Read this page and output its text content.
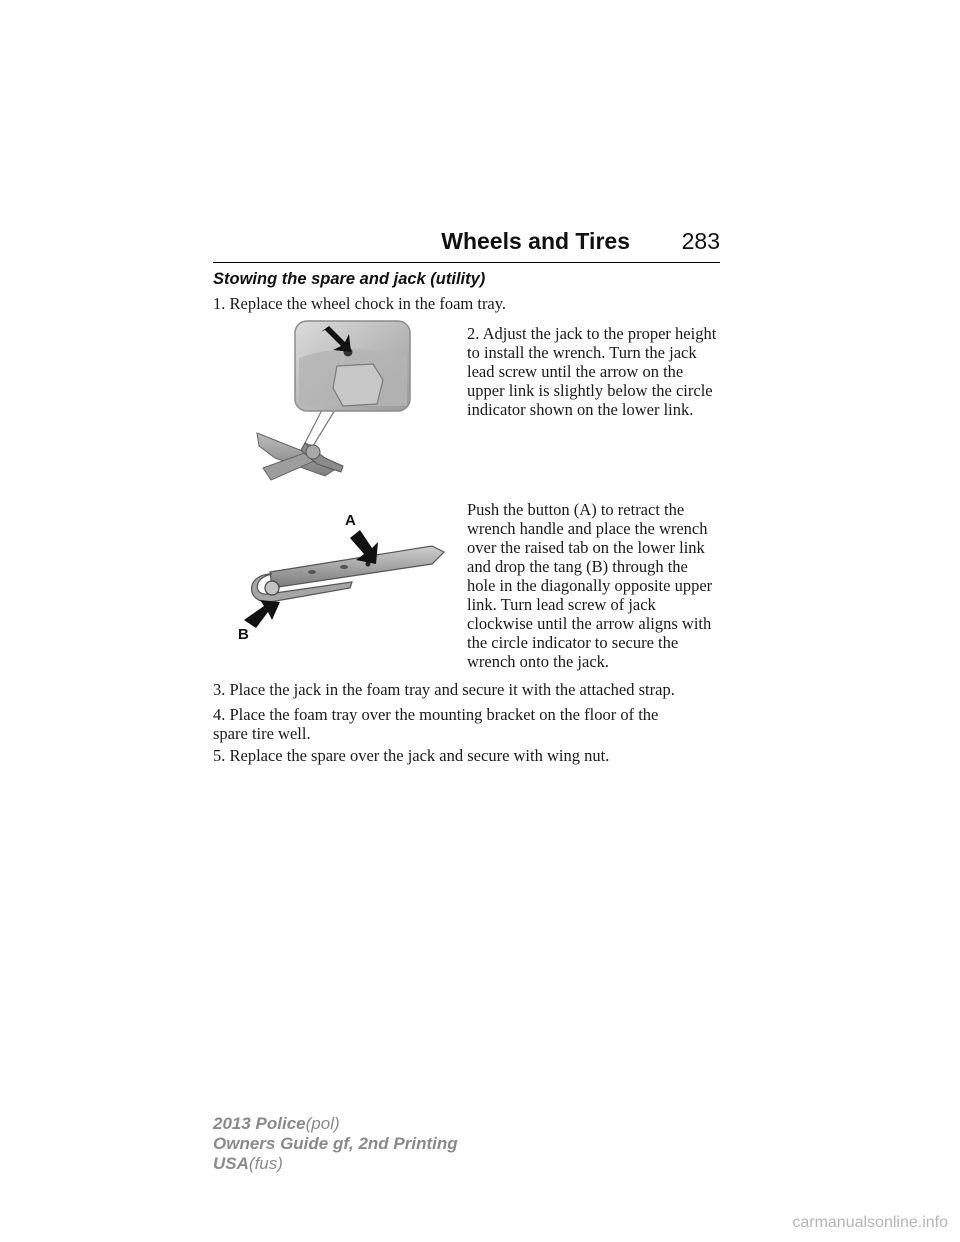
Wheels and Tires 283
Stowing the spare and jack (utility)
1. Replace the wheel chock in the foam tray.
2. Adjust the jack to the proper height to install the wrench. Turn the jack lead screw until the arrow on the upper link is slightly below the circle indicator shown on the lower link.
A
B
Push the button (A) to retract the wrench handle and place the wrench over the raised tab on the lower link and drop the tang (B) through the hole in the diagonally opposite upper link. Turn lead screw of jack clockwise until the arrow aligns with the circle indicator to secure the wrench onto the jack.
3. Place the jack in the foam tray and secure it with the attached strap.
4. Place the foam tray over the mounting bracket on the floor of the spare tire well.
5. Replace the spare over the jack and secure with wing nut.
2013 Police(pol)
Owners Guide gf, 2nd Printing
USA(fus)
carmanualsonline.info
